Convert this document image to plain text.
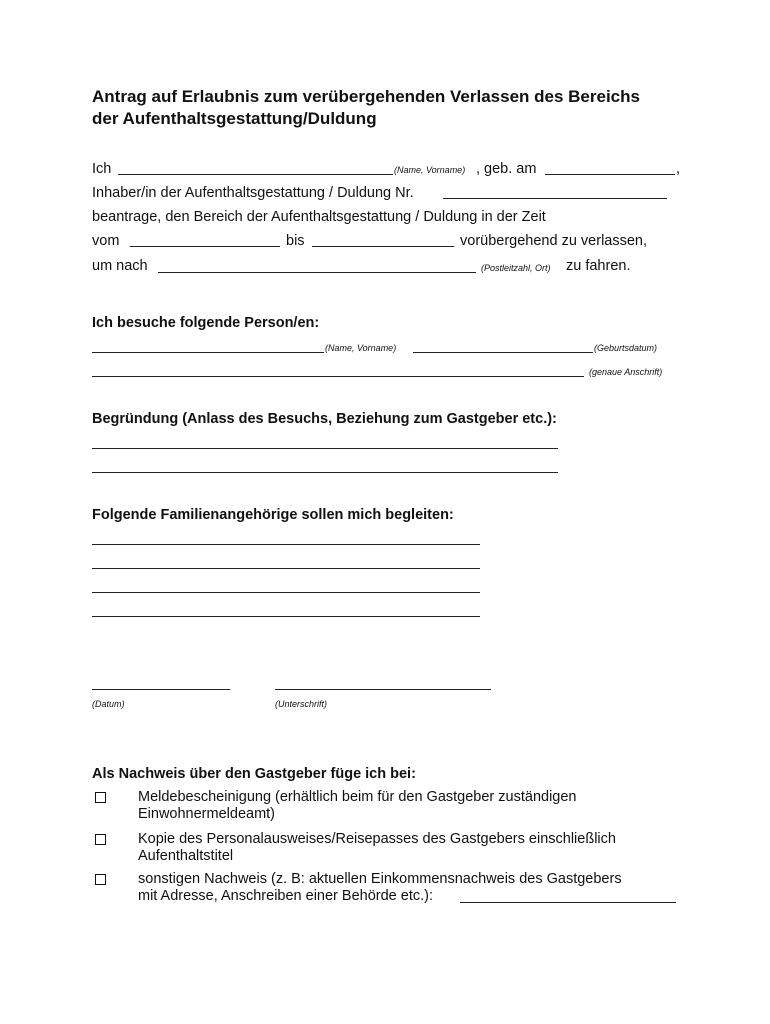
Antrag auf Erlaubnis zum verübergehenden Verlassen des Bereichs
der Aufenthaltsgestattung/Duldung
Ich	(Name, Vorname) , geb. am	,
Inhaber/in der Aufenthaltsgestattung / Duldung Nr.
beantrage, den Bereich der Aufenthaltsgestattung / Duldung in der Zeit
vom	bis	vorübergehend zu verlassen,
um nach	(Postleitzahl, Ort) zu fahren.
Ich besuche folgende Person/en:
(Name, Vorname)	(Geburtsdatum)
(genaue Anschrift)
Begründung (Anlass des Besuchs, Beziehung zum Gastgeber etc.):
Folgende Familienangehörige sollen mich begleiten:
(Datum)	(Unterschrift)
Als Nachweis über den Gastgeber füge ich bei:
Meldebescheinigung (erhältlich beim für den Gastgeber zuständigen
Einwohnermeldeamt)
Kopie des Personalausweises/Reisepasses des Gastgebers einschließlich
Aufenthaltstitel
sonstigen Nachweis (z. B: aktuellen Einkommensnachweis des Gastgebers
mit Adresse, Anschreiben einer Behörde etc.):
